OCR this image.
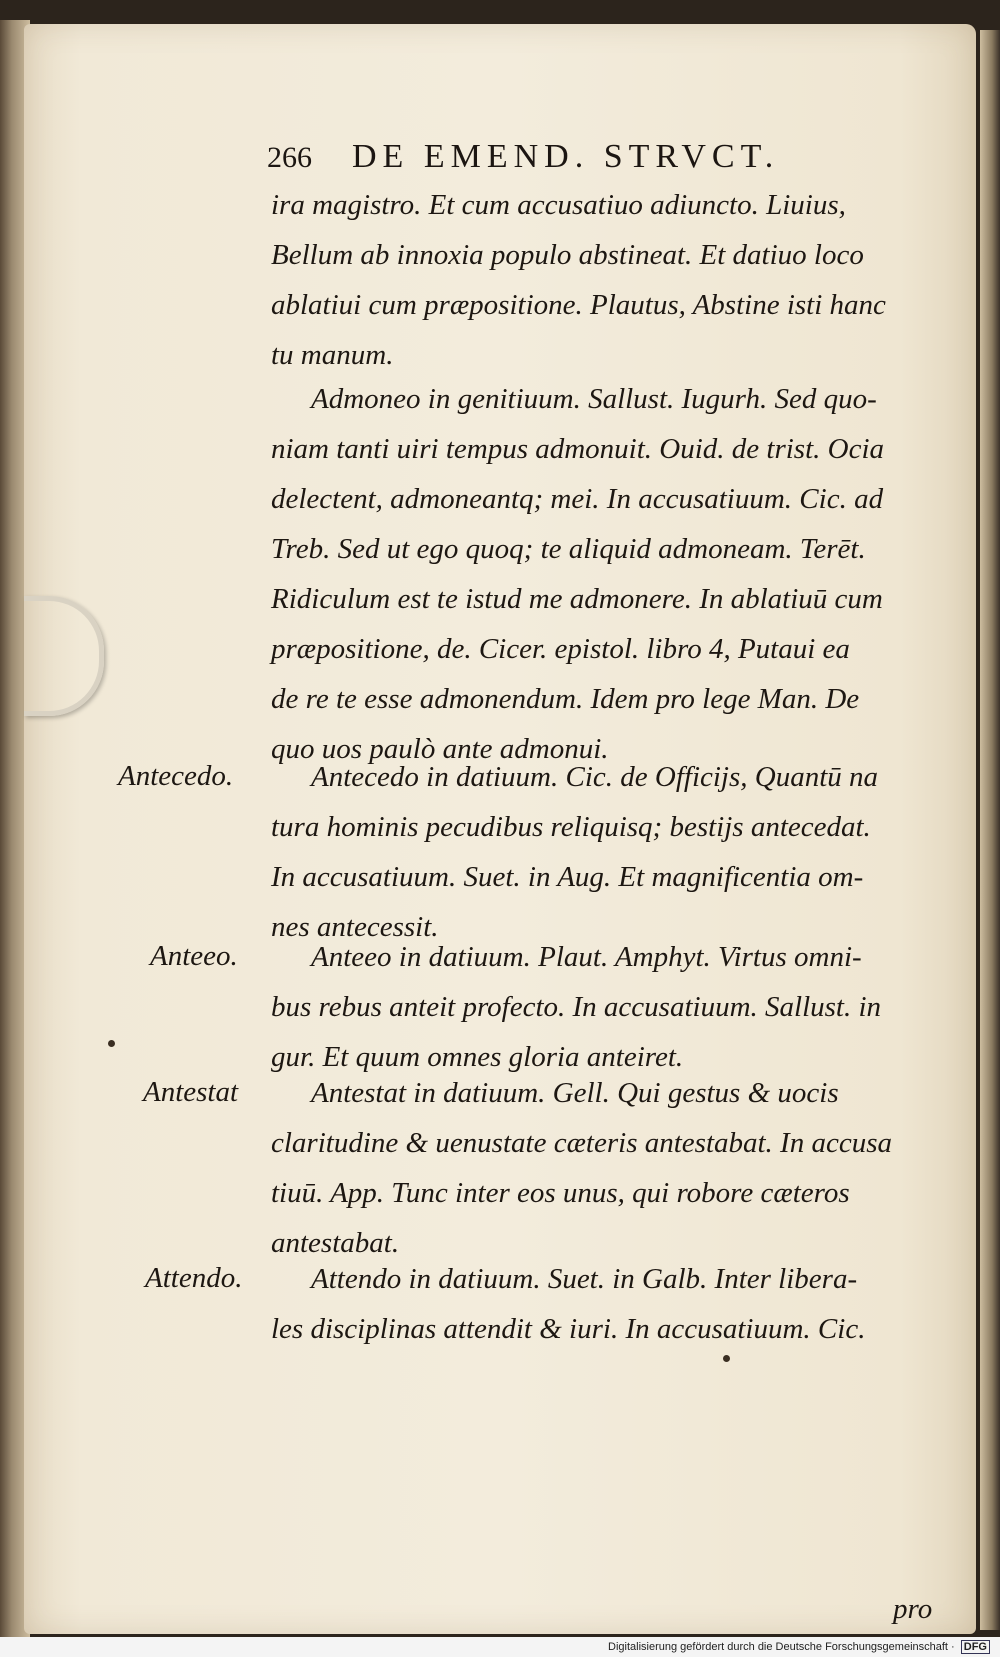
266 DE EMEND. STRVCT.
ira magistro. Et cum accusatiuo adiuncto. Liuius,
Bellum ab innoxia populo abstineat. Et datiuo loco
ablatiui cum præpositione. Plautus, Abstine isti hanc
tu manum.
Admoneo in genitiuum. Sallust. Iugurh. Sed quo-
niam tanti uiri tempus admonuit. Ouid. de trist. Ocia
delectent, admoneantq; mei. In accusatiuum. Cic. ad
Treb. Sed ut ego quoq; te aliquid admoneam. Terēt.
Ridiculum est te istud me admonere. In ablatiuū cum
præpositione, de. Cicer. epistol. libro 4, Putaui ea
de re te esse admonendum. Idem pro lege Man. De
quo uos paulò ante admonui.
Antecedo.	Antecedo in datiuum. Cic. de Officijs, Quantū na
tura hominis pecudibus reliquisq; bestijs antecedat.
In accusatiuum. Suet. in Aug. Et magnificentia om-
nes antecessit.
Anteeo.	Anteeo in datiuum. Plaut. Amphyt. Virtus omni-
bus rebus anteit profecto. In accusatiuum. Sallust. in
gur. Et quum omnes gloria anteiret.
Antestat	Antestat in datiuum. Gell. Qui gestus & uocis
claritudine & uenustate cæteris antestabat. In accusa
tiuū. App. Tunc inter eos unus, qui robore cæteros
antestabat.
Attendo.	Attendo in datiuum. Suet. in Galb. Inter libera-
les disciplinas attendit & iuri. In accusatiuum. Cic.
pro
Digitalisierung gefördert durch die Deutsche Forschungsgemeinschaft · DFG
